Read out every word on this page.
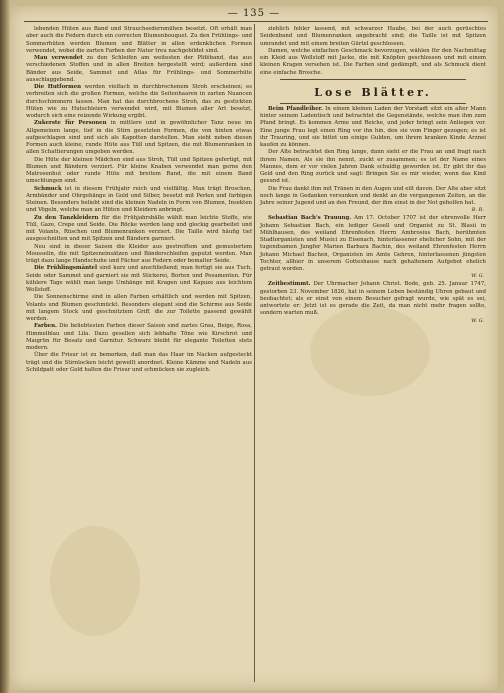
— 135 —

lebenden Hüten aus Band und Strauchsedernmühen besetzt. Oft erhält man aber auch die Federn durch ein correcten Blumenbouquet. Zu den Frühlings- und Sommerhüten werden Blumen und Blätter in allen erdenklichen Formen verwendet, wobei die zarten Farben der Natur treu nachgebildet sind.

Mau verwendet zu den Schleifen am weitesten der Pliféband, das aus verschiedenen Stoffen und in allen Breiten hergestellt wird; außerdem sind Bänder aus Seide, Sammet und Atlas für Frühlings- und Sommerhüte ausschlaggebend.

Die Hutformen werden vielfach in durchbrochenem Stroh erscheinen; es verbreiten sich die großen Formen, welche die Seitenhaaren in zarten Nuancen durchschimmern lassen. Man hat das durchbrochene Stroh, das zu gestickten Hüten wie zu Hutschleiern verwendet wird, mit Blumen aller Art besetzt, wodurch sich eine reizende Wirkung ergibt.

Zukerste für Personen in mittlere und in gewöhnlicher Tanz neue im Allgemeinen lange, tief in die Stirn gesetzten Formen, die von hinten etwas aufgeschlagen sind und sich als Kapotten darstellen. Man sieht neben diesen Formen auch kleine, runde Hüte aus Tüll und Spitzen, die mit Blumenranken in allen Schattierungen umgeben werden.

Die Hüte der kleinen Mädchen sind aus Stroh, Tüll und Spitzen gefertigt, mit Blumen und Bändern verziert. Für kleine Knaben verwendet man gerne den Matrosenhut oder runde Hüte mit breitem Rand, die mit einem Band umschlungen sind.

Schmuck ist in diesem Frühjahr reich und vielfältig. Man trägt Broschen, Armbänder und Ohrgehänge in Gold und Silber, besetzt mit Perlen und farbigen Steinen. Besonders beliebt sind die kleinen Nadeln in Form von Blumen, Insekten und Vögeln, welche man an Hüten und Kleidern anbringt.

Zu den Tanzkleidern für die Frühjahrsbälle wählt man leichte Stoffe, wie Tüll, Gaze, Crepe und Seide. Die Röcke werden lang und glockig gearbeitet und mit Volants, Rüschen und Blumenranken verziert. Die Taille wird häufig tief ausgeschnitten und mit Spitzen und Bändern garniert.

Neu sind in dieser Saison die Kleider aus gestreiftem und gemustertem Mousselin, die mit Spitzeneinsätzen und Bänderschleifen geputzt werden. Man trägt dazu lange Handschuhe und Fächer aus Federn oder bemalter Seide.

Die Frühlingsmäntel sind kurz und anschließend; man fertigt sie aus Tuch, Seide oder Sammet und garniert sie mit Stickerei, Borten und Posamenten. Für kühlere Tage wählt man lange Umhänge mit Kragen und Kapuze aus leichtem Wollstoff.

Die Sonnenschirme sind in allen Farben erhältlich und werden mit Spitzen, Volants und Blumen geschmückt. Besonders elegant sind die Schirme aus Seide mit langem Stock und geschnitztem Griff, die zur Toilette passend gewählt werden.

Farben. Die beliebtesten Farben dieser Saison sind zartes Grau, Beige, Rosa, Himmelblau und Lila. Dazu gesellen sich lebhafte Töne wie Kirschrot und Maigrün für Besatz und Garnitur. Schwarz bleibt für elegante Toiletten stets modern.

Über die Frisur ist zu bemerken, daß man das Haar im Nacken aufgesteckt trägt und die Stirnlocken leicht gewellt anordnet. Kleine Kämme und Nadeln aus Schildpatt oder Gold halten die Frisur und schmücken sie zugleich.

ziehlich fehler lassend, mit schwarzer Haube, bei der auch gerüschtes Seidenband und Blumenranken angebracht sind; die Taille ist mit Spitzen umrandet und mit einem breiten Gürtel geschlossen.

Damen, welche einfachen Geschmack bevorzugen, wählen für den Nachmittag ein Kleid aus Wollstoff mit Jacke, die mit Knöpfen geschlossen und mit einem kleinen Kragen versehen ist. Die Farben sind gedämpft, und als Schmuck dient eine einfache Brosche.

Lose Blätter.

Beim Pfandleiher. In einem kleinen Laden der Vorstadt sitzt ein alter Mann hinter seinem Ladentisch und betrachtet die Gegenstände, welche man ihm zum Pfand bringt. Es kommen Arme und Reiche, und jeder bringt sein Anliegen vor. Eine junge Frau legt einen Ring vor ihn hin, den sie vom Finger gezogen; es ist ihr Trauring, und sie bittet um einige Gulden, um ihrem kranken Kinde Arznei kaufen zu können.

Der Alte betrachtet den Ring lange, dann sieht er die Frau an und fragt nach ihrem Namen. Als sie ihn nennt, zuckt er zusammen; es ist der Name eines Mannes, dem er vor vielen Jahren Dank schuldig geworden ist. Er gibt ihr das Geld und den Ring zurück und sagt: Bringen Sie es mir wieder, wenn das Kind gesund ist.

Die Frau dankt ihm mit Tränen in den Augen und eilt davon. Der Alte aber sitzt noch lange in Gedanken versunken und denkt an die vergangenen Zeiten, an die Jahre seiner Jugend und an den Freund, der ihm einst in der Not geholfen hat.

B. R.

Sebastian Bach's Trauung. Am 17. October 1707 ist der ehrenvolle Herr Johann Sebastian Bach, ein lediger Gesell und Organist zu St. Blasii in Mühlhausen, des weiland Ehrenfesten Herrn Ambrosius Bach, berühmten Stadtorganisten und Musici zu Eisenach, hinterlassener ehelicher Sohn, mit der tugendsamen Jungfer Marien Barbara Bachin, des weiland Ehrenfesten Herrn Johann Michael Bachen, Organisten im Amte Gehren, hinterlassenen jüngsten Tochter, allhier in unserem Gotteshause nach gehaltenem Aufgebot ehelich getraut worden.

W. G.

Zeitbestimmt. Der Uhrmacher Johann Christ. Bode, geb. 25. Januar 1747, gestorben 23. November 1826, hat in seinem Leben beständig Uhren gebaut und beobachtet; als er einst von einem Besucher gefragt wurde, wie spät es sei, antwortete er: Jetzt ist es gerade die Zeit, da man nicht mehr fragen sollte, sondern warten muß.

W. G.
